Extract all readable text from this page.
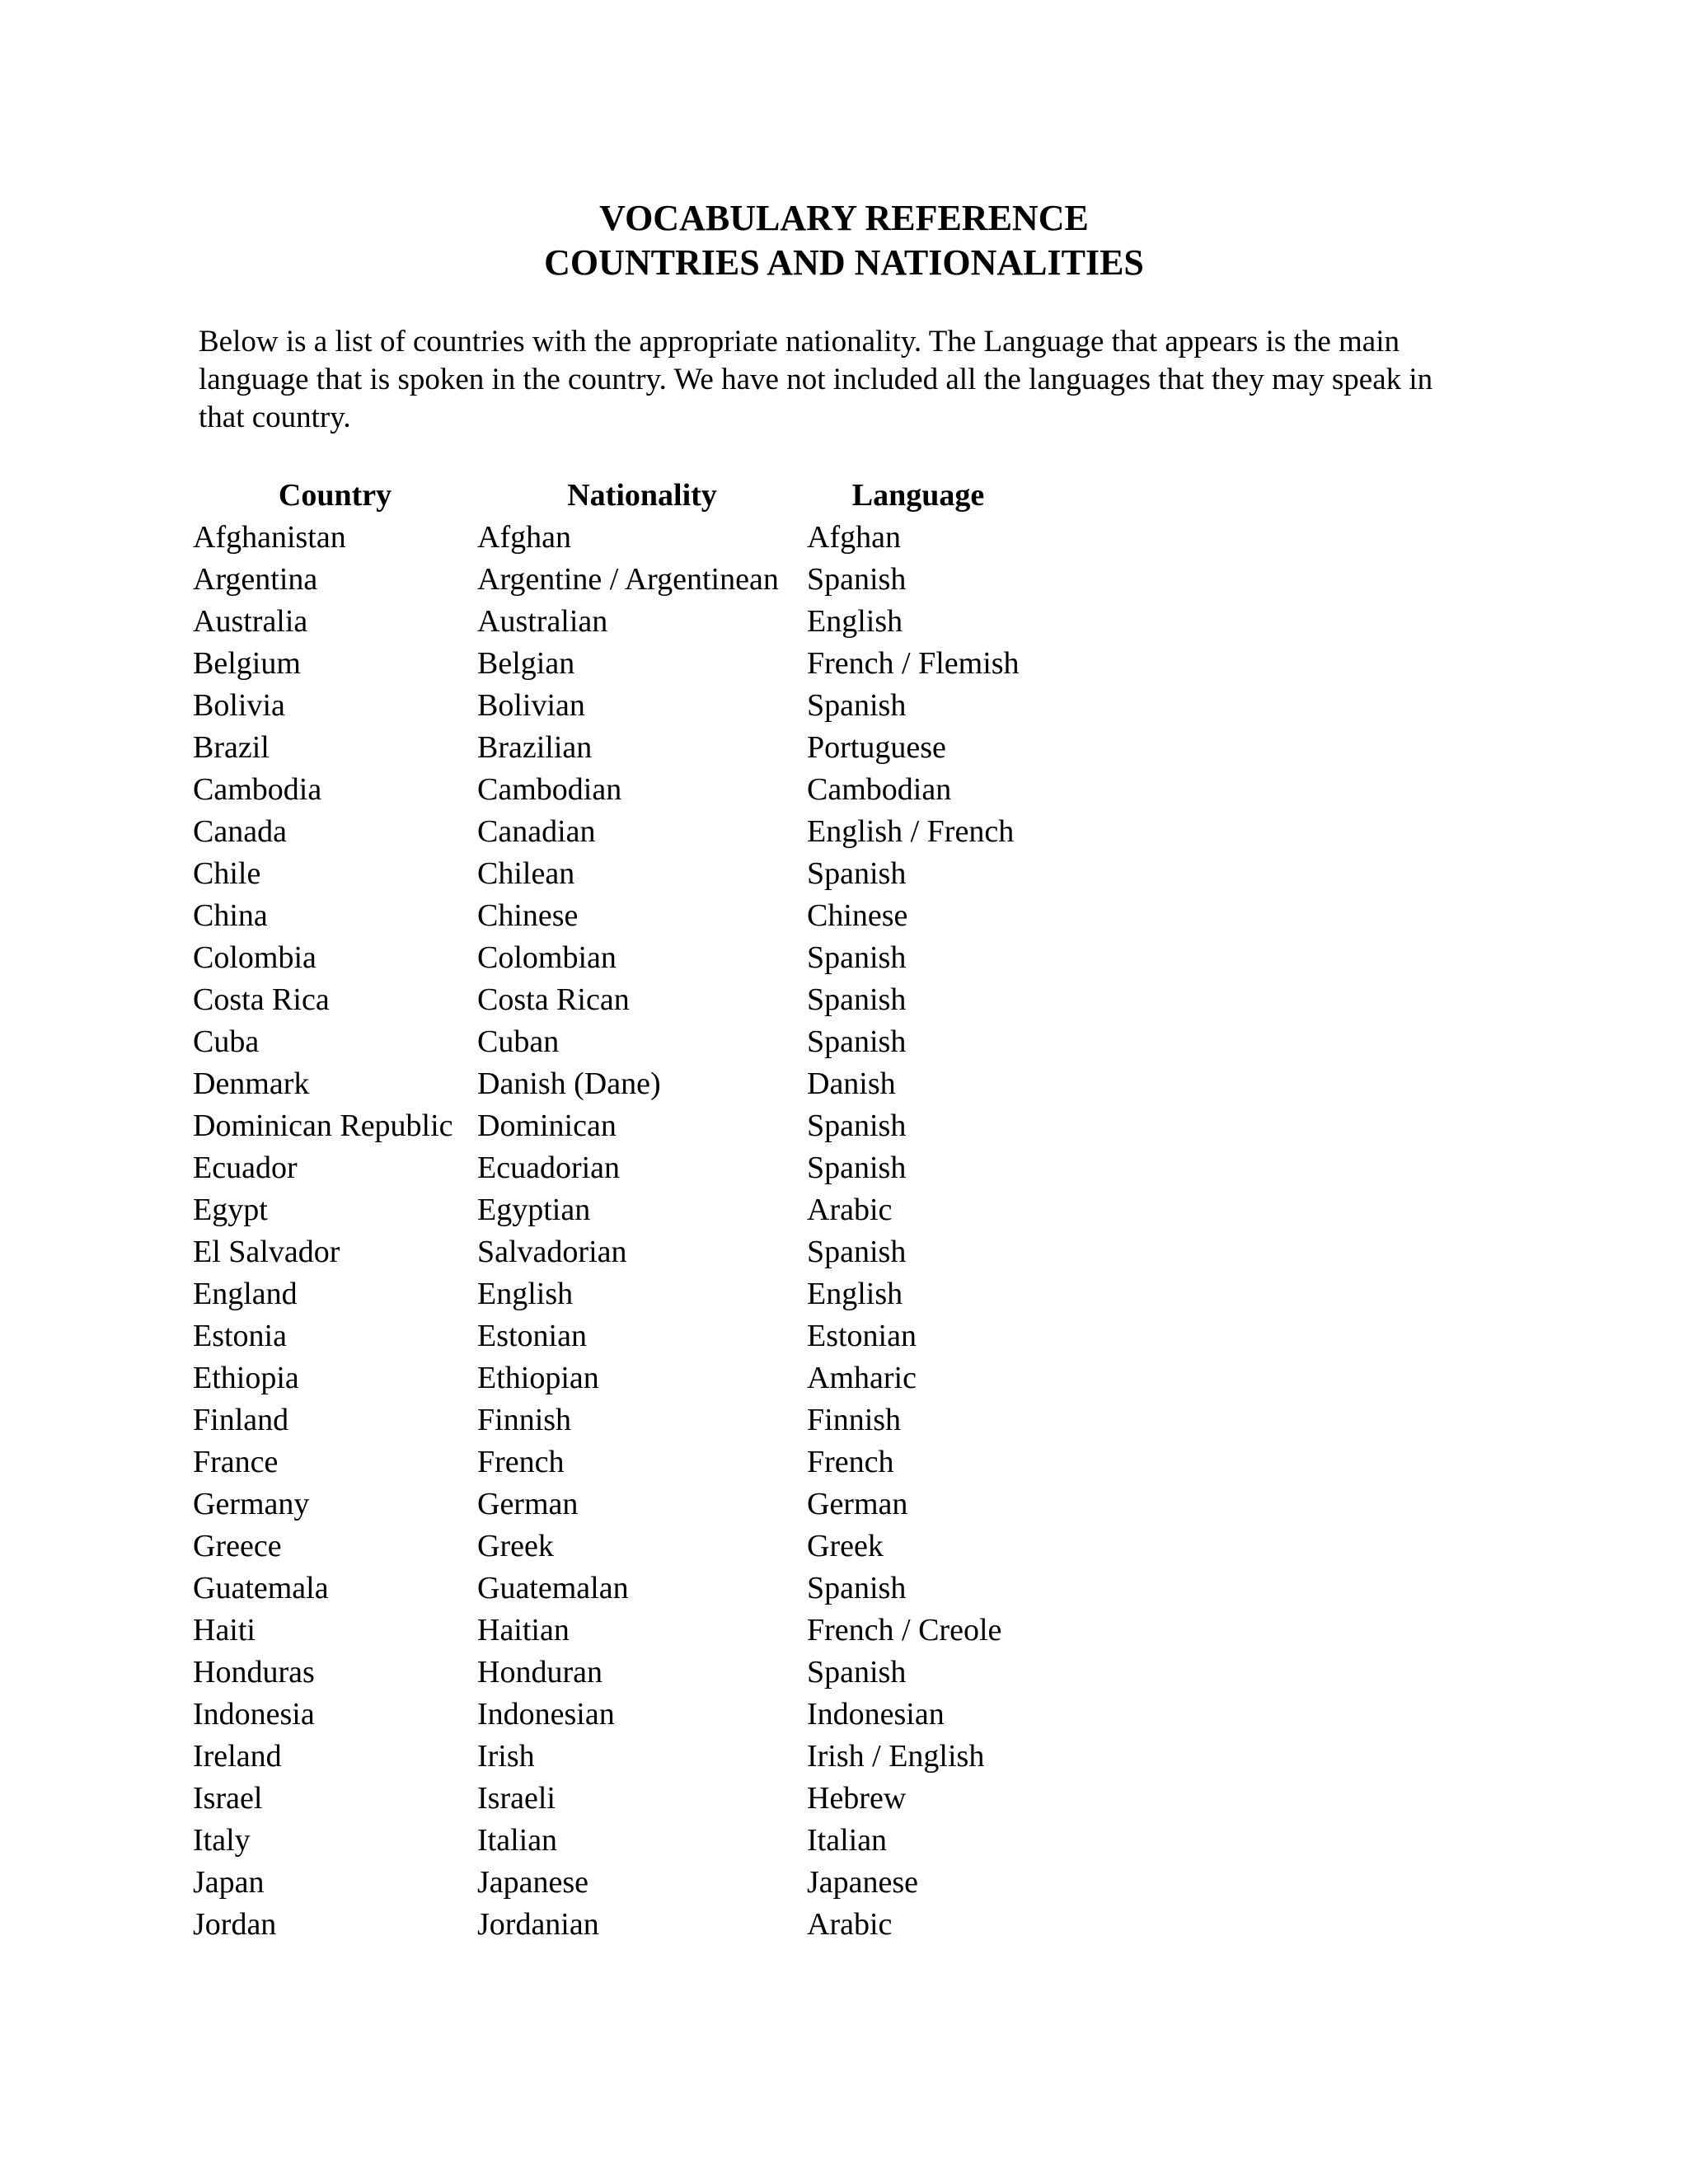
VOCABULARY REFERENCE
COUNTRIES AND NATIONALITIES

Below is a list of countries with the appropriate nationality. The Language that appears is the main language that is spoken in the country. We have not included all the languages that they may speak in that country.

Country	Nationality	Language
Afghanistan	Afghan	Afghan
Argentina	Argentine / Argentinean	Spanish
Australia	Australian	English
Belgium	Belgian	French / Flemish
Bolivia	Bolivian	Spanish
Brazil	Brazilian	Portuguese
Cambodia	Cambodian	Cambodian
Canada	Canadian	English / French
Chile	Chilean	Spanish
China	Chinese	Chinese
Colombia	Colombian	Spanish
Costa Rica	Costa Rican	Spanish
Cuba	Cuban	Spanish
Denmark	Danish (Dane)	Danish
Dominican Republic	Dominican	Spanish
Ecuador	Ecuadorian	Spanish
Egypt	Egyptian	Arabic
El Salvador	Salvadorian	Spanish
England	English	English
Estonia	Estonian	Estonian
Ethiopia	Ethiopian	Amharic
Finland	Finnish	Finnish
France	French	French
Germany	German	German
Greece	Greek	Greek
Guatemala	Guatemalan	Spanish
Haiti	Haitian	French / Creole
Honduras	Honduran	Spanish
Indonesia	Indonesian	Indonesian
Ireland	Irish	Irish / English
Israel	Israeli	Hebrew
Italy	Italian	Italian
Japan	Japanese	Japanese
Jordan	Jordanian	Arabic
